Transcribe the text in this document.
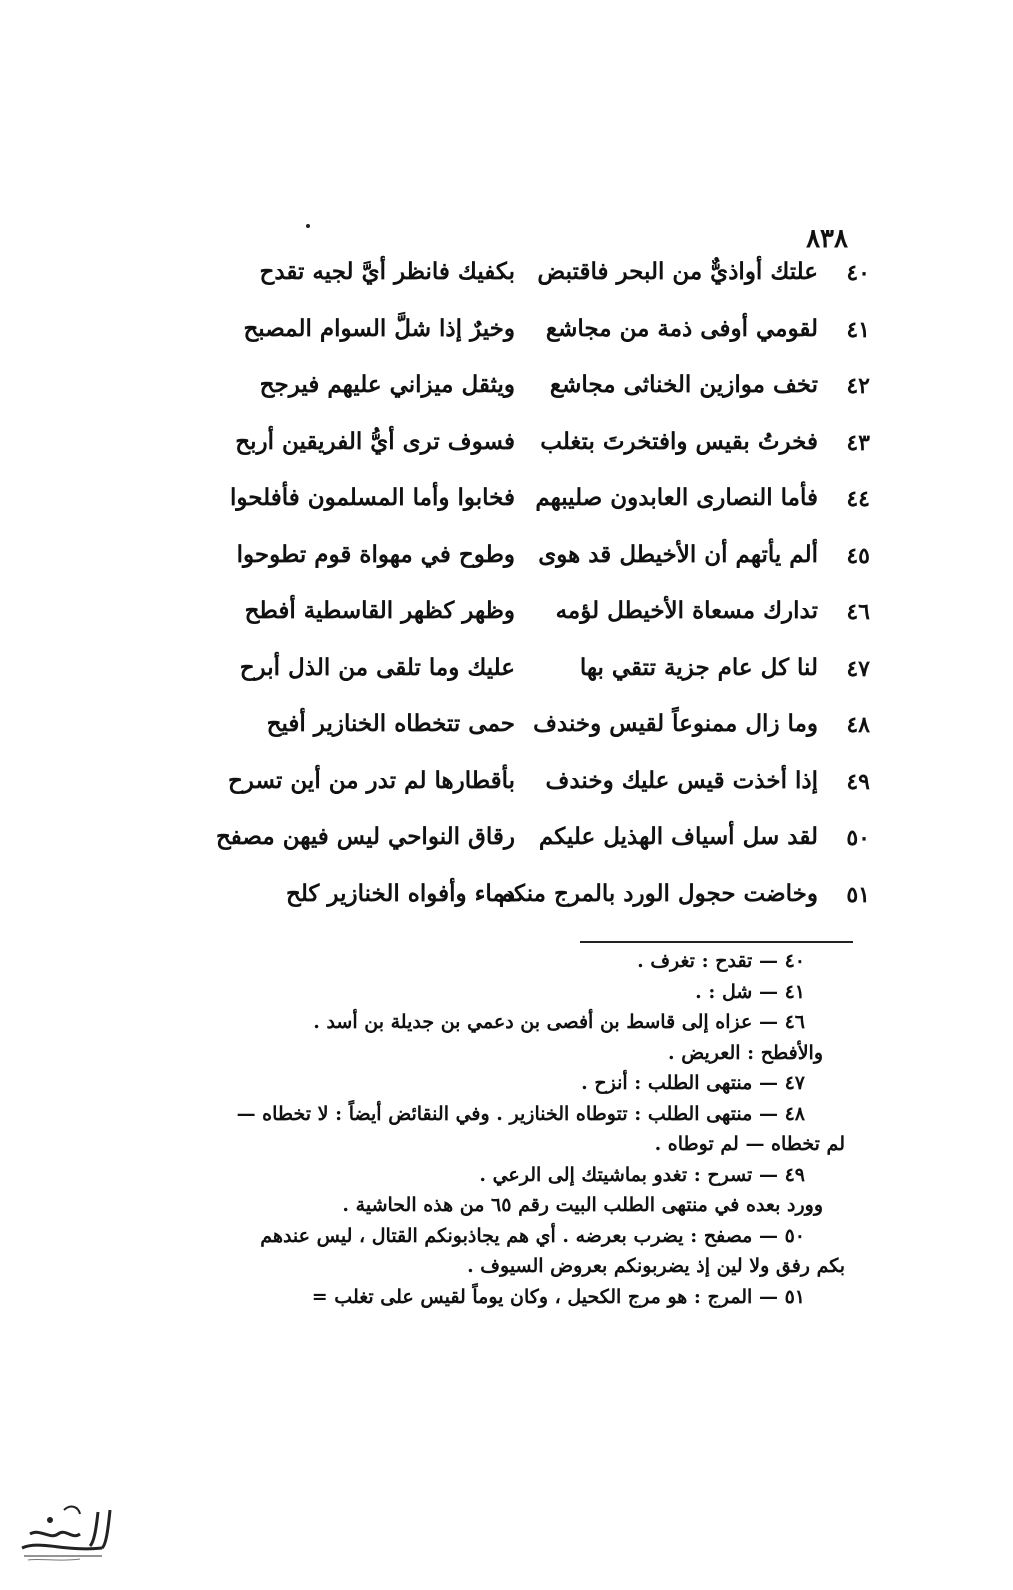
٨٣٨
٤٠
علتك أواذيٌّ من البحر فاقتبض
بكفيك فانظر أيَّ لجيه تقدح
٤١
لقومي أوفى ذمة من مجاشع
وخيرٌ إذا شلَّ السوام المصبح
٤٢
تخف موازين الخناثى مجاشع
ويثقل ميزاني عليهم فيرجح
٤٣
فخرتُ بقيس وافتخرتَ بتغلب
فسوف ترى أيُّ الفريقين أربح
٤٤
فأما النصارى العابدون صليبهم
فخابوا وأما المسلمون فأفلحوا
٤٥
ألم يأتهم أن الأخيطل قد هوى
وطوح في مهواة قوم تطوحوا
٤٦
تدارك مسعاة الأخيطل لؤمه
وظهر كظهر القاسطية أفطح
٤٧
لنا كل عام جزية تتقي بها
عليك وما تلقى من الذل أبرح
٤٨
وما زال ممنوعاً لقيس وخندف
حمى تتخطاه الخنازير أفيح
٤٩
إذا أخذت قيس عليك وخندف
بأقطارها لم تدر من أين تسرح
٥٠
لقد سل أسياف الهذيل عليكم
رقاق النواحي ليس فيهن مصفح
٥١
وخاضت حجول الورد بالمرج منكم
دماء وأفواه الخنازير كلح
٤٠ — تقدح : تغرف .
٤١ — شل : .
٤٦ — عزاه إلى قاسط بن أفصى بن دعمي بن جديلة بن أسد .
والأفطح : العريض .
٤٧ — منتهى الطلب : أنزح .
٤٨ — منتهى الطلب : تتوطاه الخنازير . وفي النقائض أيضاً : لا تخطاه —
لم تخطاه — لم توطاه .
٤٩ — تسرح : تغدو بماشيتك إلى الرعي .
وورد بعده في منتهى الطلب البيت رقم ٦٥ من هذه الحاشية .
٥٠ — مصفح : يضرب بعرضه . أي هم يجاذبونكم القتال ، ليس عندهم
بكم رفق ولا لين إذ يضربونكم بعروض السيوف .
٥١ — المرج : هو مرج الكحيل ، وكان يوماً لقيس على تغلب =
